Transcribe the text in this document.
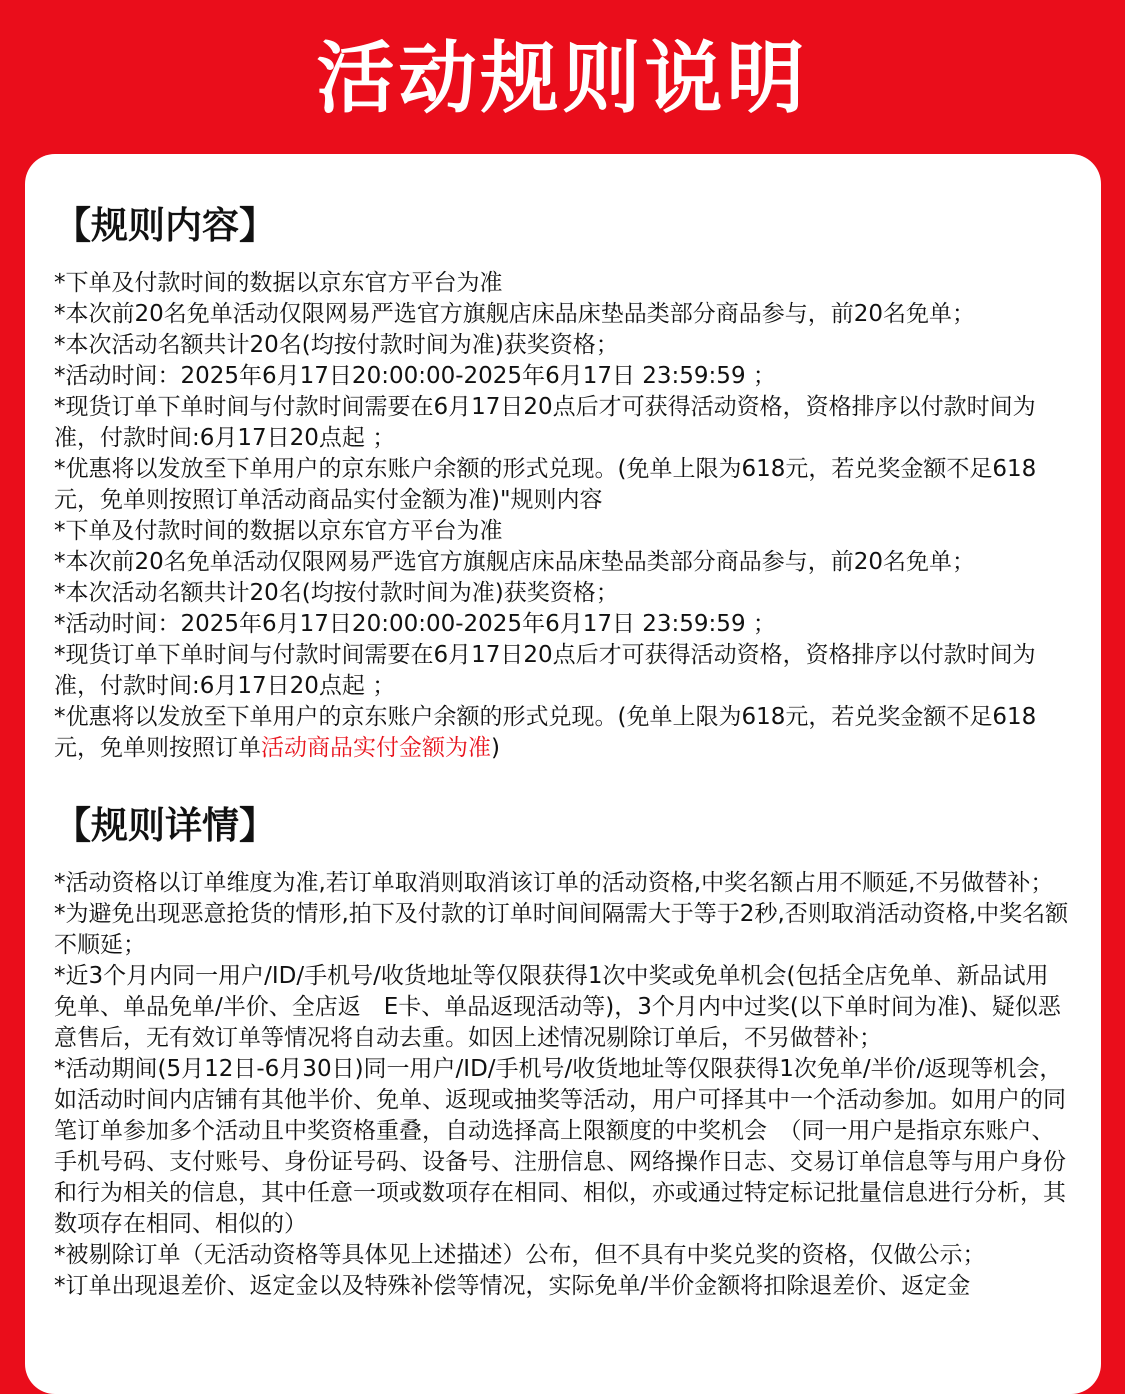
活动规则说明
【规则内容】

*下单及付款时间的数据以京东官方平台为准

*本次前20名免单活动仅限网易严选官方旗舰店床品床垫品类部分商品参与，前20名免单；

*本次活动名额共计20名(均按付款时间为准)获奖资格；

*活动时间：2025年6月17日20:00:00-2025年6月17日 23:59:59 ；

*现货订单下单时间与付款时间需要在6月17日20点后才可获得活动资格，资格排序以付款时间为准，付款时间:6月17日20点起 ；

*优惠将以发放至下单用户的京东账户余额的形式兑现。(免单上限为618元，若兑奖金额不足618元，免单则按照订单活动商品实付金额为准)"规则内容

*下单及付款时间的数据以京东官方平台为准

*本次前20名免单活动仅限网易严选官方旗舰店床品床垫品类部分商品参与，前20名免单；

*本次活动名额共计20名(均按付款时间为准)获奖资格；

*活动时间：2025年6月17日20:00:00-2025年6月17日 23:59:59 ；

*现货订单下单时间与付款时间需要在6月17日20点后才可获得活动资格，资格排序以付款时间为准，付款时间:6月17日20点起 ；

*优惠将以发放至下单用户的京东账户余额的形式兑现。(免单上限为618元，若兑奖金额不足618元，免单则按照订单活动商品实付金额为准)

【规则详情】

*活动资格以订单维度为准,若订单取消则取消该订单的活动资格,中奖名额占用不顺延,不另做替补；

*为避免出现恶意抢货的情形,拍下及付款的订单时间间隔需大于等于2秒,否则取消活动资格,中奖名额不顺延；

*近3个月内同一用户/ID/手机号/收货地址等仅限获得1次中奖或免单机会(包括全店免单、新品试用免单、单品免单/半价、全店返　E卡、单品返现活动等)，3个月内中过奖(以下单时间为准)、疑似恶意售后，无有效订单等情况将自动去重。如因上述情况剔除订单后，不另做替补；

*活动期间(5月12日-6月30日)同一用户/ID/手机号/收货地址等仅限获得1次免单/半价/返现等机会，如活动时间内店铺有其他半价、免单、返现或抽奖等活动，用户可择其中一个活动参加。如用户的同笔订单参加多个活动且中奖资格重叠，自动选择高上限额度的中奖机会　（同一用户是指京东账户、手机号码、支付账号、身份证号码、设备号、注册信息、网络操作日志、交易订单信息等与用户身份和行为相关的信息，其中任意一项或数项存在相同、相似，亦或通过特定标记批量信息进行分析，其数项存在相同、相似的）

*被剔除订单（无活动资格等具体见上述描述）公布，但不具有中奖兑奖的资格，仅做公示；

*订单出现退差价、返定金以及特殊补偿等情况，实际免单/半价金额将扣除退差价、返定金
